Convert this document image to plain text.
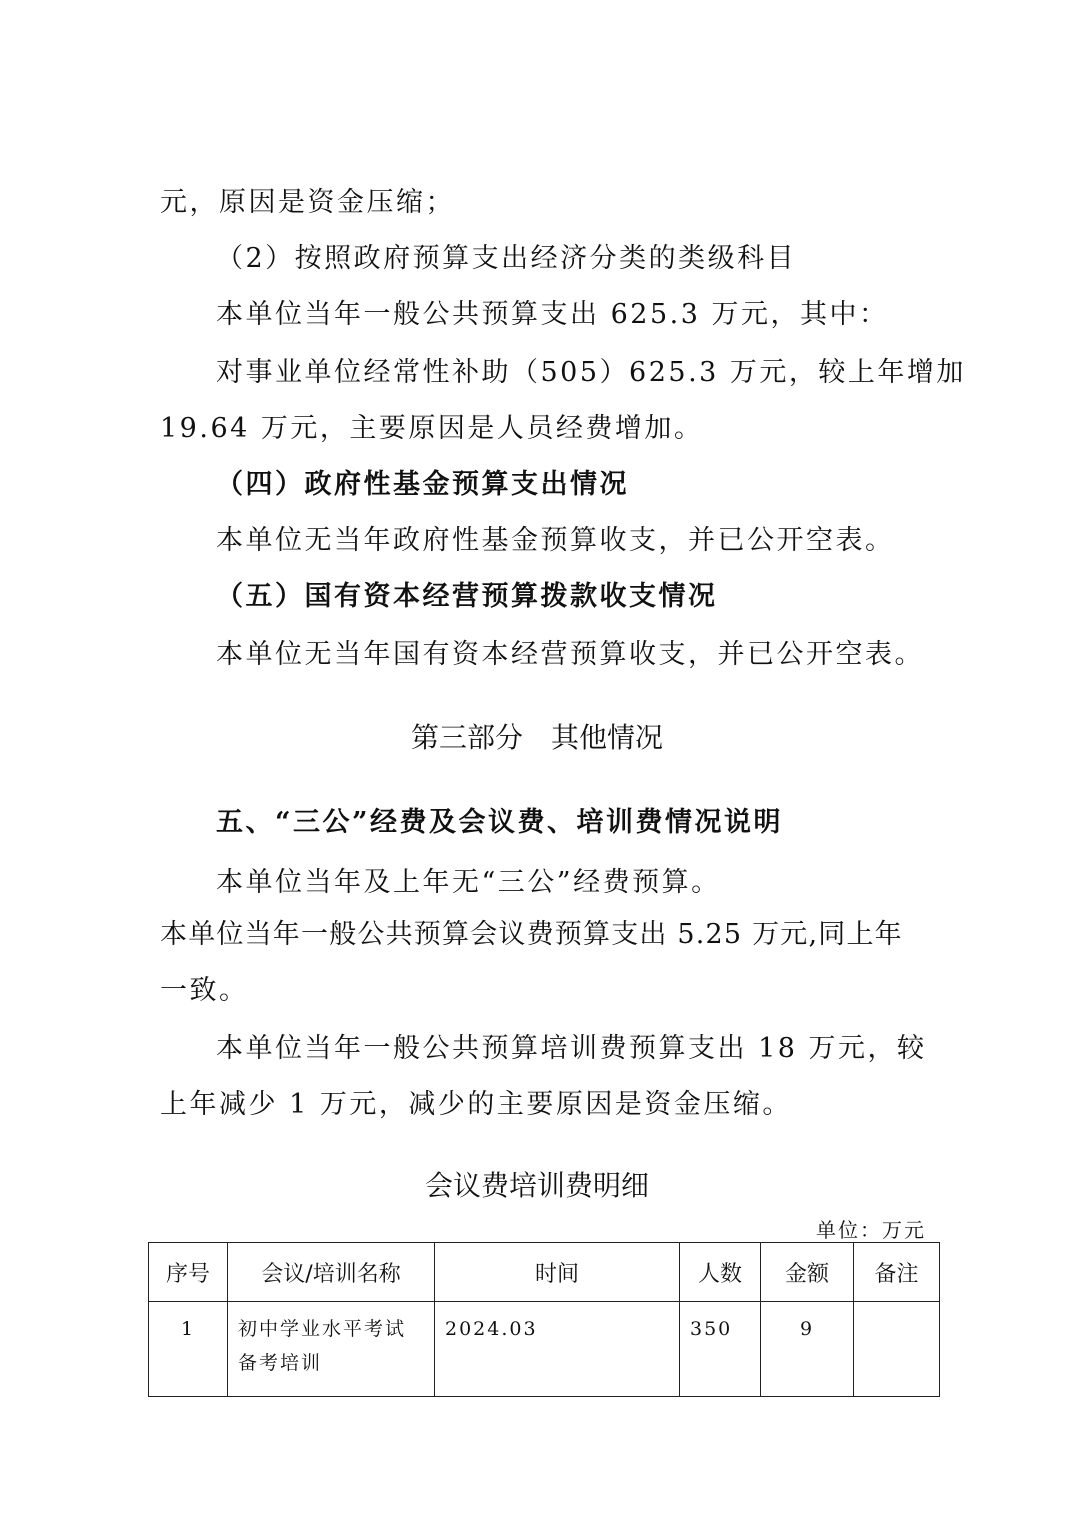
元，原因是资金压缩；
（2）按照政府预算支出经济分类的类级科目
本单位当年一般公共预算支出 625.3 万元，其中：
对事业单位经常性补助（505）625.3 万元，较上年增加
19.64 万元，主要原因是人员经费增加。
（四）政府性基金预算支出情况
本单位无当年政府性基金预算收支，并已公开空表。
（五）国有资本经营预算拨款收支情况
本单位无当年国有资本经营预算收支，并已公开空表。
第三部分　其他情况
五、“三公”经费及会议费、培训费情况说明
本单位当年及上年无“三公”经费预算。
本单位当年一般公共预算会议费预算支出 5.25 万元,同上年
一致。
本单位当年一般公共预算培训费预算支出 18 万元，较
上年减少 1 万元，减少的主要原因是资金压缩。
会议费培训费明细
单位：万元
序号	会议/培训名称	时间	人数	金额	备注
1	初中学业水平考试备考培训	2024.03	350	9	
